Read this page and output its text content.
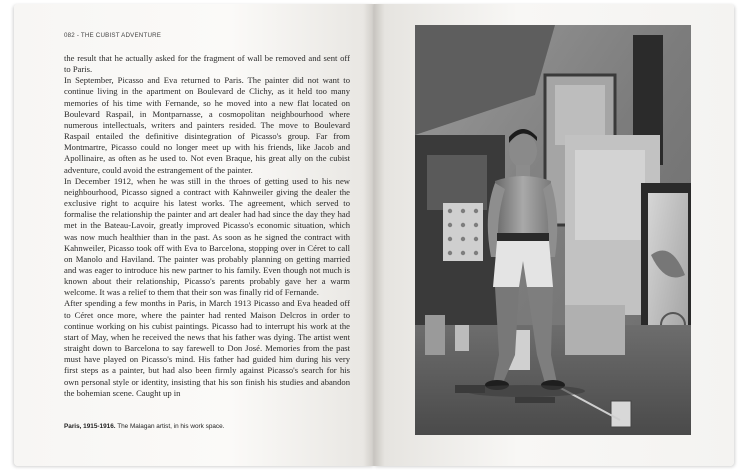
082 - THE CUBIST ADVENTURE

the result that he actually asked for the fragment of wall be removed and sent off to Paris.

In September, Picasso and Eva returned to Paris. The painter did not want to continue living in the apartment on Boulevard de Clichy, as it held too many memories of his time with Fernande, so he moved into a new flat located on Boulevard Raspail, in Montparnasse, a cosmopolitan neighbourhood where numerous intellectuals, writers and painters resided. The move to Boulevard Raspail entailed the definitive disintegration of Picasso's group. Far from Montmartre, Picasso could no longer meet up with his friends, like Jacob and Apollinaire, as often as he used to. Not even Braque, his great ally on the cubist adventure, could avoid the estrangement of the painter.

In December 1912, when he was still in the throes of getting used to his new neighbourhood, Picasso signed a contract with Kahnweiler giving the dealer the exclusive right to acquire his latest works. The agreement, which served to formalise the relationship the painter and art dealer had had since the day they had met in the Bateau-Lavoir, greatly improved Picasso's economic situation, which was now much healthier than in the past. As soon as he signed the contract with Kahnweiler, Picasso took off with Eva to Barcelona, stopping over in Céret to call on Manolo and Haviland. The painter was probably planning on getting married and was eager to introduce his new partner to his family. Even though not much is known about their relationship, Picasso's parents probably gave her a warm welcome. It was a relief to them that their son was finally rid of Fernande.

After spending a few months in Paris, in March 1913 Picasso and Eva headed off to Céret once more, where the painter had rented Maison Delcros in order to continue working on his cubist paintings. Picasso had to interrupt his work at the start of May, when he received the news that his father was dying. The artist went straight down to Barcelona to say farewell to Don José. Memories from the past must have played on Picasso's mind. His father had guided him during his very first steps as a painter, but had also been firmly against Picasso's search for his own personal style or identity, insisting that his son finish his studies and abandon the bohemian scene. Caught up in

Paris, 1915-1916. The Malagan artist, in his work space.
